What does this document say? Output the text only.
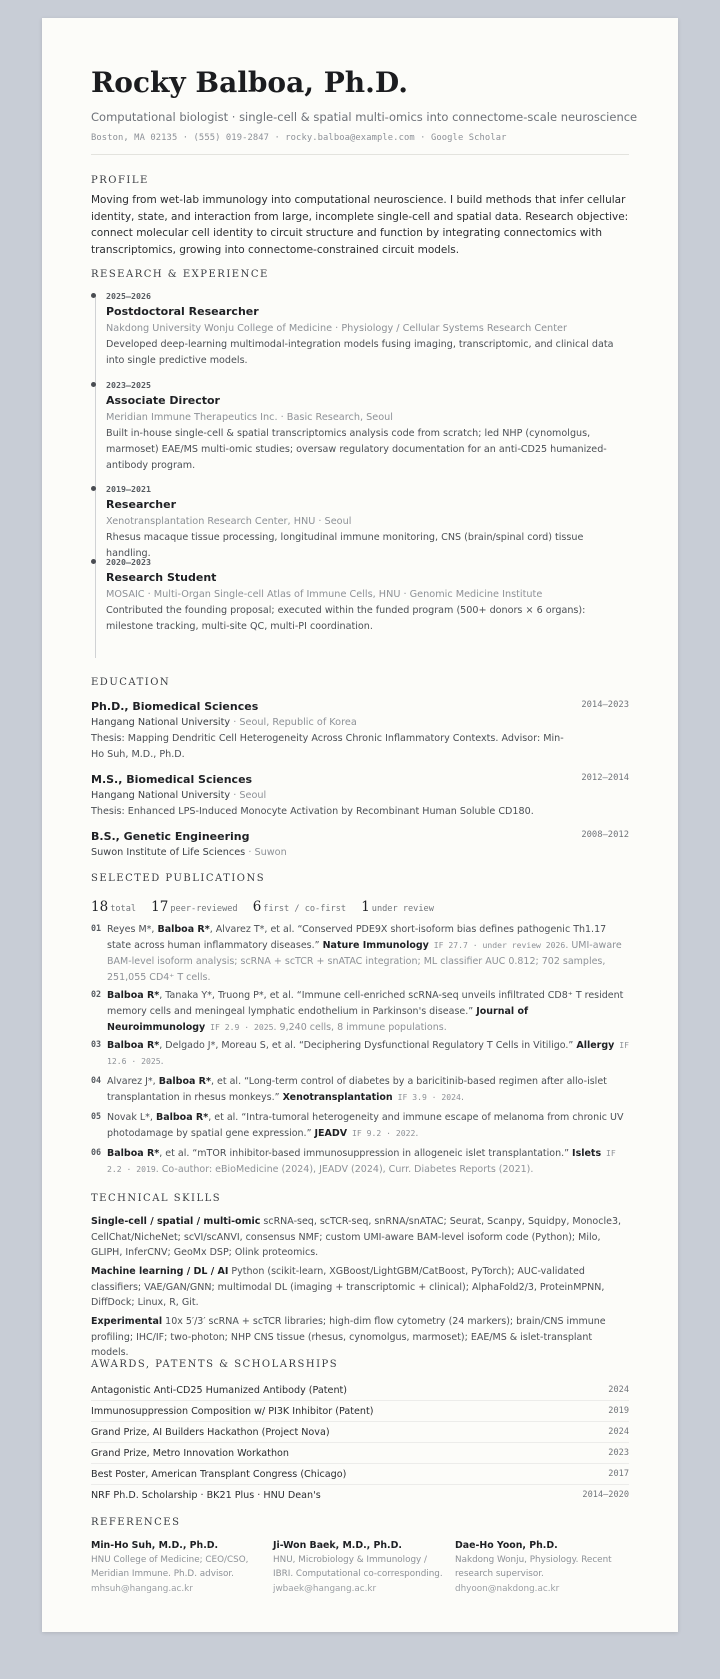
Rocky Balboa, Ph.D.
Computational biologist · single-cell & spatial multi-omics into connectome-scale neuroscience
Boston, MA 02135 · (555) 019-2847 · rocky.balboa@example.com · Google Scholar
PROFILE
Moving from wet-lab immunology into computational neuroscience. I build methods that infer cellular identity, state, and interaction from large, incomplete single-cell and spatial data. Research objective: connect molecular cell identity to circuit structure and function by integrating connectomics with transcriptomics, growing into connectome-constrained circuit models.
RESEARCH & EXPERIENCE
2025–2026
Postdoctoral Researcher
Nakdong University Wonju College of Medicine · Physiology / Cellular Systems Research Center
Developed deep-learning multimodal-integration models fusing imaging, transcriptomic, and clinical data into single predictive models.
2023–2025
Associate Director
Meridian Immune Therapeutics Inc. · Basic Research, Seoul
Built in-house single-cell & spatial transcriptomics analysis code from scratch; led NHP (cynomolgus, marmoset) EAE/MS multi-omic studies; oversaw regulatory documentation for an anti-CD25 humanized-antibody program.
2019–2021
Researcher
Xenotransplantation Research Center, HNU · Seoul
Rhesus macaque tissue processing, longitudinal immune monitoring, CNS (brain/spinal cord) tissue handling.
2020–2023
Research Student
MOSAIC · Multi-Organ Single-cell Atlas of Immune Cells, HNU · Genomic Medicine Institute
Contributed the founding proposal; executed within the funded program (500+ donors × 6 organs): milestone tracking, multi-site QC, multi-PI coordination.
EDUCATION
Ph.D., Biomedical Sciences	2014–2023
Hangang National University · Seoul, Republic of Korea
Thesis: Mapping Dendritic Cell Heterogeneity Across Chronic Inflammatory Contexts. Advisor: Min-Ho Suh, M.D., Ph.D.
M.S., Biomedical Sciences	2012–2014
Hangang National University · Seoul
Thesis: Enhanced LPS-Induced Monocyte Activation by Recombinant Human Soluble CD180.
B.S., Genetic Engineering	2008–2012
Suwon Institute of Life Sciences · Suwon
SELECTED PUBLICATIONS
18 total 17 peer-reviewed 6 first / co-first 1 under review
01 Reyes M*, Balboa R*, Alvarez T*, et al. “Conserved PDE9X short-isoform bias defines pathogenic Th1.17 state across human inflammatory diseases.” Nature Immunology IF 27.7 · under review 2026. UMI-aware BAM-level isoform analysis; scRNA + scTCR + snATAC integration; ML classifier AUC 0.812; 702 samples, 251,055 CD4⁺ T cells.
02 Balboa R*, Tanaka Y*, Truong P*, et al. “Immune cell-enriched scRNA-seq unveils infiltrated CD8⁺ T resident memory cells and meningeal lymphatic endothelium in Parkinson's disease.” Journal of Neuroimmunology IF 2.9 · 2025. 9,240 cells, 8 immune populations.
03 Balboa R*, Delgado J*, Moreau S, et al. “Deciphering Dysfunctional Regulatory T Cells in Vitiligo.” Allergy IF 12.6 · 2025.
04 Alvarez J*, Balboa R*, et al. “Long-term control of diabetes by a baricitinib-based regimen after allo-islet transplantation in rhesus monkeys.” Xenotransplantation IF 3.9 · 2024.
05 Novak L*, Balboa R*, et al. “Intra-tumoral heterogeneity and immune escape of melanoma from chronic UV photodamage by spatial gene expression.” JEADV IF 9.2 · 2022.
06 Balboa R*, et al. “mTOR inhibitor-based immunosuppression in allogeneic islet transplantation.” Islets IF 2.2 · 2019. Co-author: eBioMedicine (2024), JEADV (2024), Curr. Diabetes Reports (2021).
TECHNICAL SKILLS
Single-cell / spatial / multi-omic scRNA-seq, scTCR-seq, snRNA/snATAC; Seurat, Scanpy, Squidpy, Monocle3, CellChat/NicheNet; scVI/scANVI, consensus NMF; custom UMI-aware BAM-level isoform code (Python); Milo, GLIPH, InferCNV; GeoMx DSP; Olink proteomics.
Machine learning / DL / AI Python (scikit-learn, XGBoost/LightGBM/CatBoost, PyTorch); AUC-validated classifiers; VAE/GAN/GNN; multimodal DL (imaging + transcriptomic + clinical); AlphaFold2/3, ProteinMPNN, DiffDock; Linux, R, Git.
Experimental 10x 5′/3′ scRNA + scTCR libraries; high-dim flow cytometry (24 markers); brain/CNS immune profiling; IHC/IF; two-photon; NHP CNS tissue (rhesus, cynomolgus, marmoset); EAE/MS & islet-transplant models.
AWARDS, PATENTS & SCHOLARSHIPS
Antagonistic Anti-CD25 Humanized Antibody (Patent)	2024
Immunosuppression Composition w/ PI3K Inhibitor (Patent)	2019
Grand Prize, AI Builders Hackathon (Project Nova)	2024
Grand Prize, Metro Innovation Workathon	2023
Best Poster, American Transplant Congress (Chicago)	2017
NRF Ph.D. Scholarship · BK21 Plus · HNU Dean's	2014–2020
REFERENCES
Min-Ho Suh, M.D., Ph.D.
HNU College of Medicine; CEO/CSO, Meridian Immune. Ph.D. advisor.
mhsuh@hangang.ac.kr
Ji-Won Baek, M.D., Ph.D.
HNU, Microbiology & Immunology / IBRI. Computational co-corresponding.
jwbaek@hangang.ac.kr
Dae-Ho Yoon, Ph.D.
Nakdong Wonju, Physiology. Recent research supervisor.
dhyoon@nakdong.ac.kr
